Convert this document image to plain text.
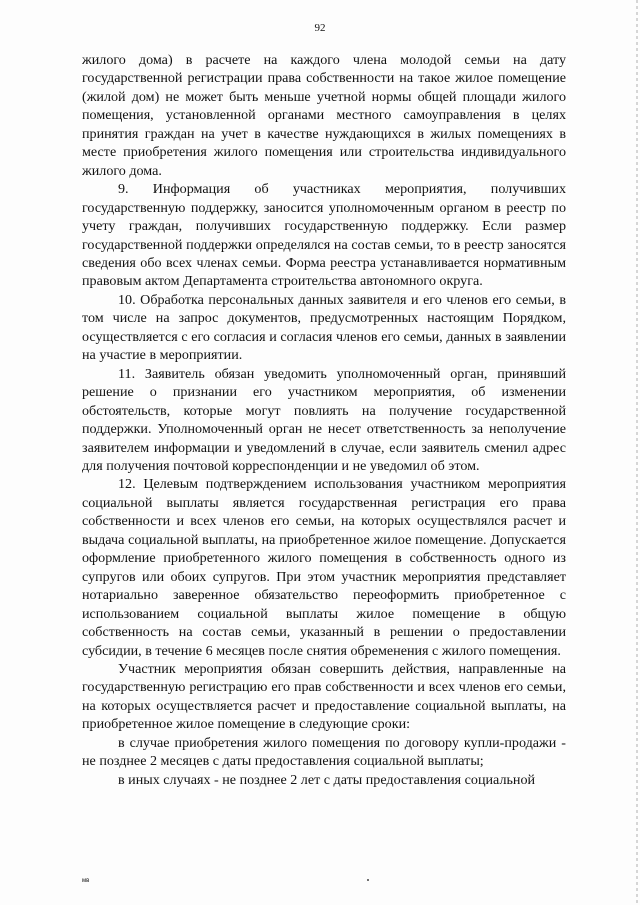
92

жилого дома) в расчете на каждого члена молодой семьи на дату государственной регистрации права собственности на такое жилое помещение (жилой дом) не может быть меньше учетной нормы общей площади жилого помещения, установленной органами местного самоуправления в целях принятия граждан на учет в качестве нуждающихся в жилых помещениях в месте приобретения жилого помещения или строительства индивидуального жилого дома.

9. Информация об участниках мероприятия, получивших государственную поддержку, заносится уполномоченным органом в реестр по учету граждан, получивших государственную поддержку. Если размер государственной поддержки определялся на состав семьи, то в реестр заносятся сведения обо всех членах семьи. Форма реестра устанавливается нормативным правовым актом Департамента строительства автономного округа.

10. Обработка персональных данных заявителя и его членов его семьи, в том числе на запрос документов, предусмотренных настоящим Порядком, осуществляется с его согласия и согласия членов его семьи, данных в заявлении на участие в мероприятии.

11. Заявитель обязан уведомить уполномоченный орган, принявший решение о признании его участником мероприятия, об изменении обстоятельств, которые могут повлиять на получение государственной поддержки. Уполномоченный орган не несет ответственность за неполучение заявителем информации и уведомлений в случае, если заявитель сменил адрес для получения почтовой корреспонденции и не уведомил об этом.

12. Целевым подтверждением использования участником мероприятия социальной выплаты является государственная регистрация его права собственности и всех членов его семьи, на которых осуществлялся расчет и выдача социальной выплаты, на приобретенное жилое помещение. Допускается оформление приобретенного жилого помещения в собственность одного из супругов или обоих супругов. При этом участник мероприятия представляет нотариально заверенное обязательство переоформить приобретенное с использованием социальной выплаты жилое помещение в общую собственность на состав семьи, указанный в решении о предоставлении субсидии, в течение 6 месяцев после снятия обременения с жилого помещения.

Участник мероприятия обязан совершить действия, направленные на государственную регистрацию его прав собственности и всех членов его семьи, на которых осуществляется расчет и предоставление социальной выплаты, на приобретенное жилое помещение в следующие сроки:

в случае приобретения жилого помещения по договору купли-продажи - не позднее 2 месяцев с даты предоставления социальной выплаты;

в иных случаях - не позднее 2 лет с даты предоставления социальной

мв
